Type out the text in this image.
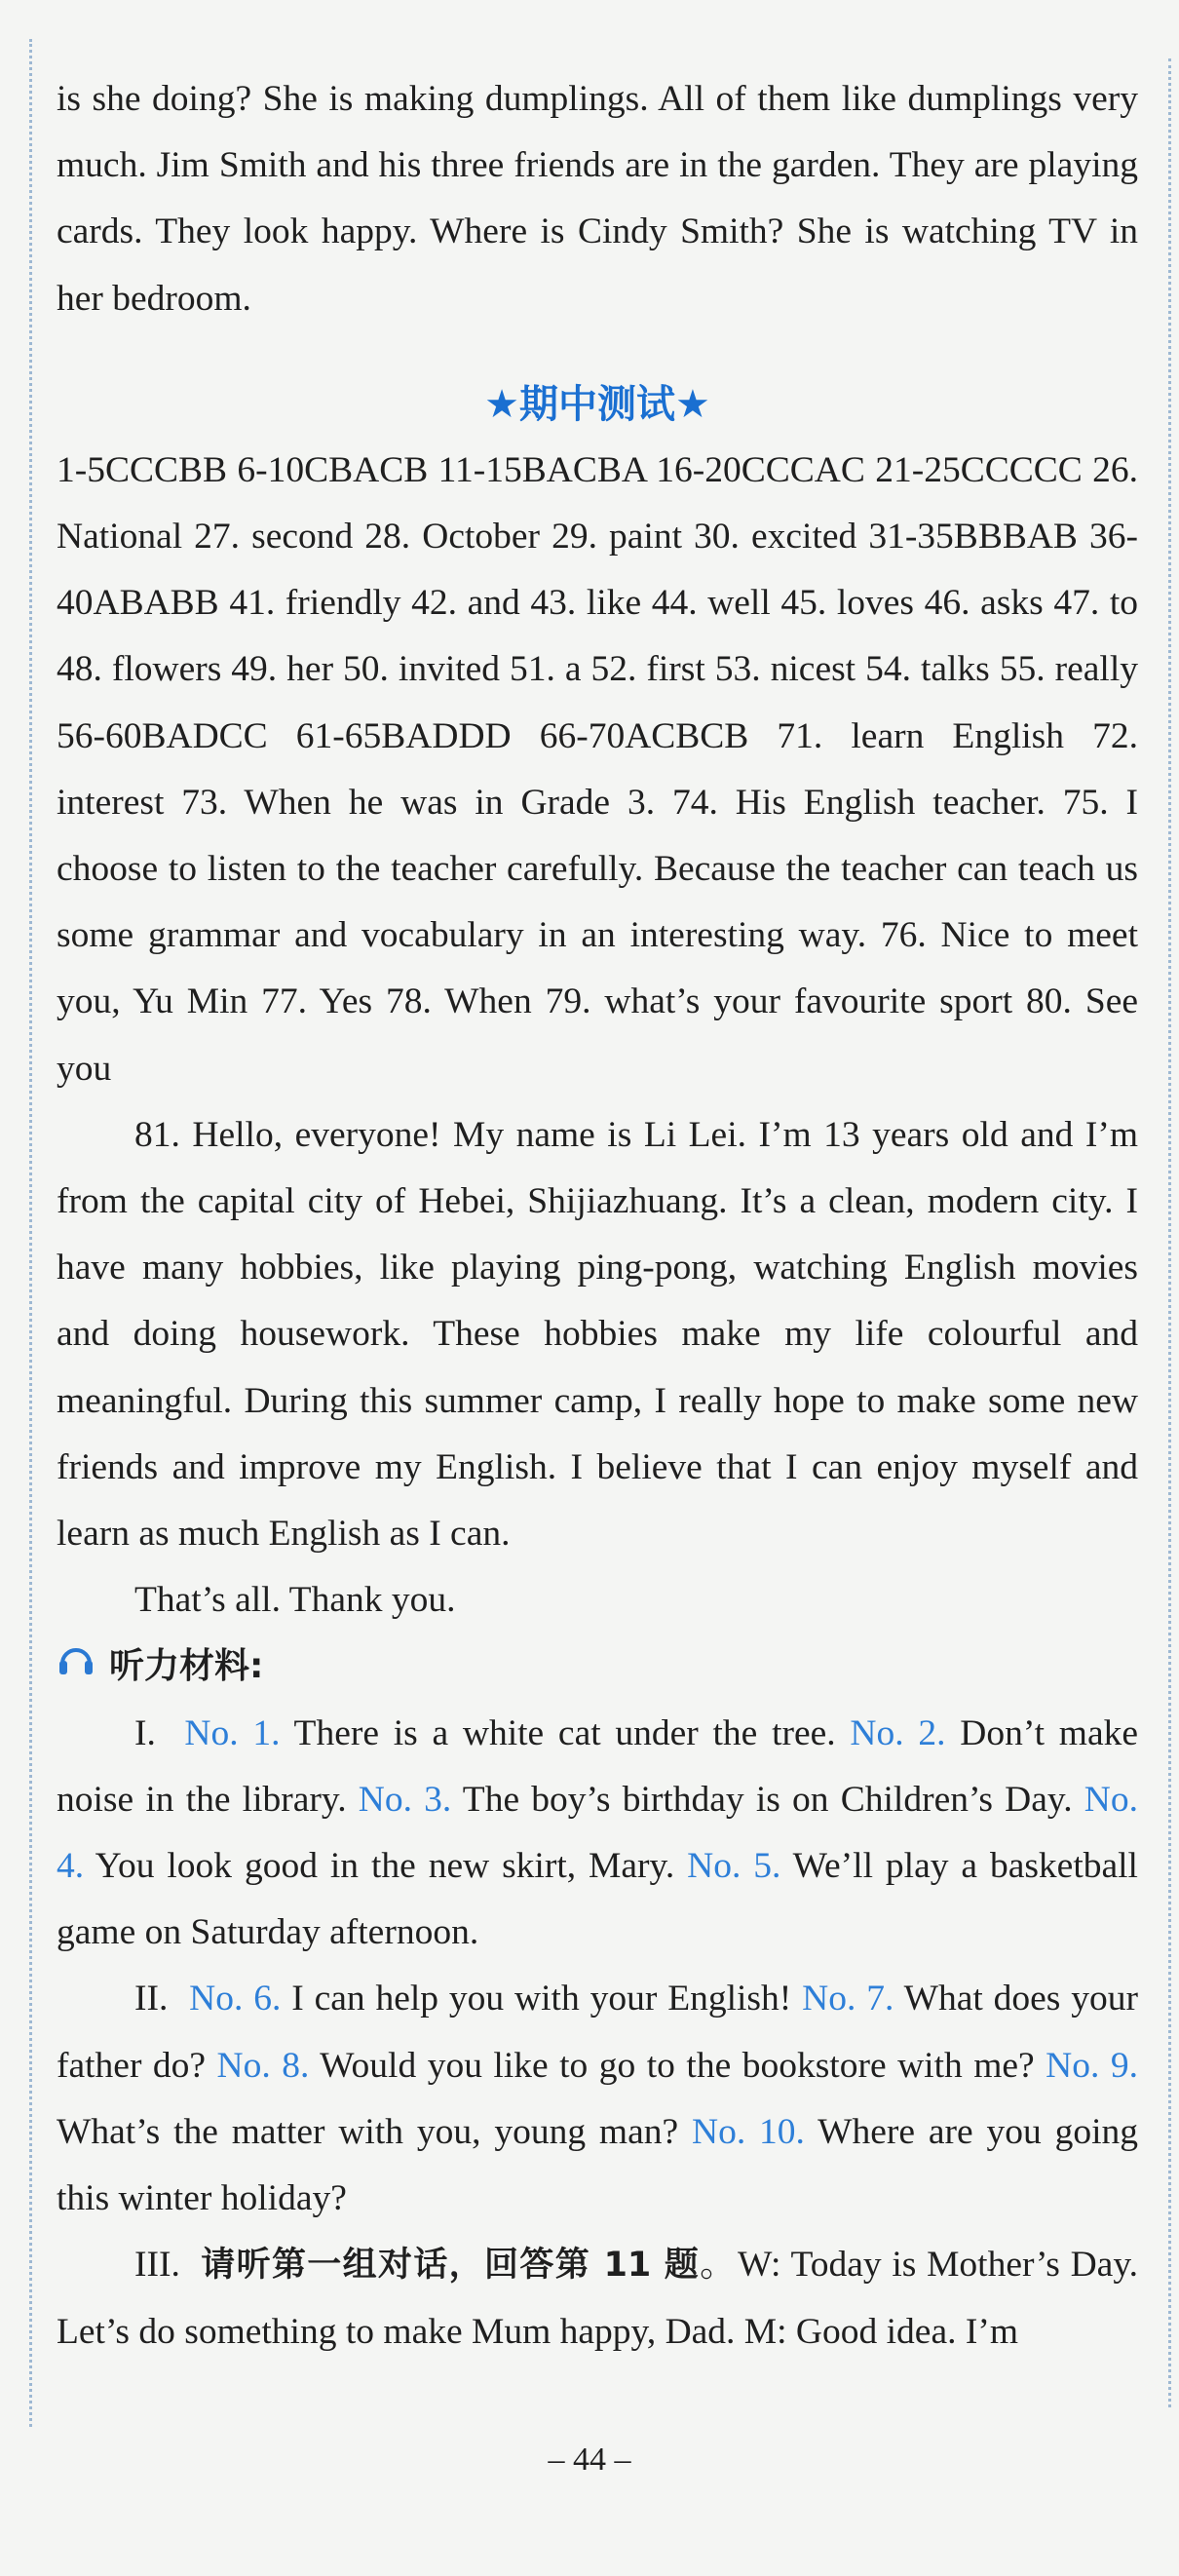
is she doing? She is making dumplings. All of them like dumplings very much. Jim Smith and his three friends are in the garden. They are playing cards. They look happy. Where is Cindy Smith? She is watching TV in her bedroom.

★期中测试★

1-5CCCBB 6-10CBACB 11-15BACBA 16-20CCCAC 21-25CCCCC 26. National 27. second 28. October 29. paint 30. excited 31-35BBBAB 36-40ABABB 41. friendly 42. and 43. like 44. well 45. loves 46. asks 47. to 48. flowers 49. her 50. invited 51. a 52. first 53. nicest 54. talks 55. really 56-60BADCC 61-65BADDD 66-70ACBCB 71. learn English 72. interest 73. When he was in Grade 3. 74. His English teacher. 75. I choose to listen to the teacher carefully. Because the teacher can teach us some grammar and vocabulary in an interesting way. 76. Nice to meet you, Yu Min 77. Yes 78. When 79. what’s your favourite sport 80. See you

81. Hello, everyone! My name is Li Lei. I’m 13 years old and I’m from the capital city of Hebei, Shijiazhuang. It’s a clean, modern city. I have many hobbies, like playing ping-pong, watching English movies and doing housework. These hobbies make my life colourful and meaningful. During this summer camp, I really hope to make some new friends and improve my English. I believe that I can enjoy myself and learn as much English as I can.

That’s all. Thank you.

听力材料:

I. No. 1. There is a white cat under the tree. No. 2. Don’t make noise in the library. No. 3. The boy’s birthday is on Children’s Day. No. 4. You look good in the new skirt, Mary. No. 5. We’ll play a basketball game on Saturday afternoon.

II. No. 6. I can help you with your English! No. 7. What does your father do? No. 8. Would you like to go to the bookstore with me? No. 9. What’s the matter with you, young man? No. 10. Where are you going this winter holiday?

III. 请听第一组对话，回答第 11 题。W: Today is Mother’s Day. Let’s do something to make Mum happy, Dad. M: Good idea. I’m

– 44 –
